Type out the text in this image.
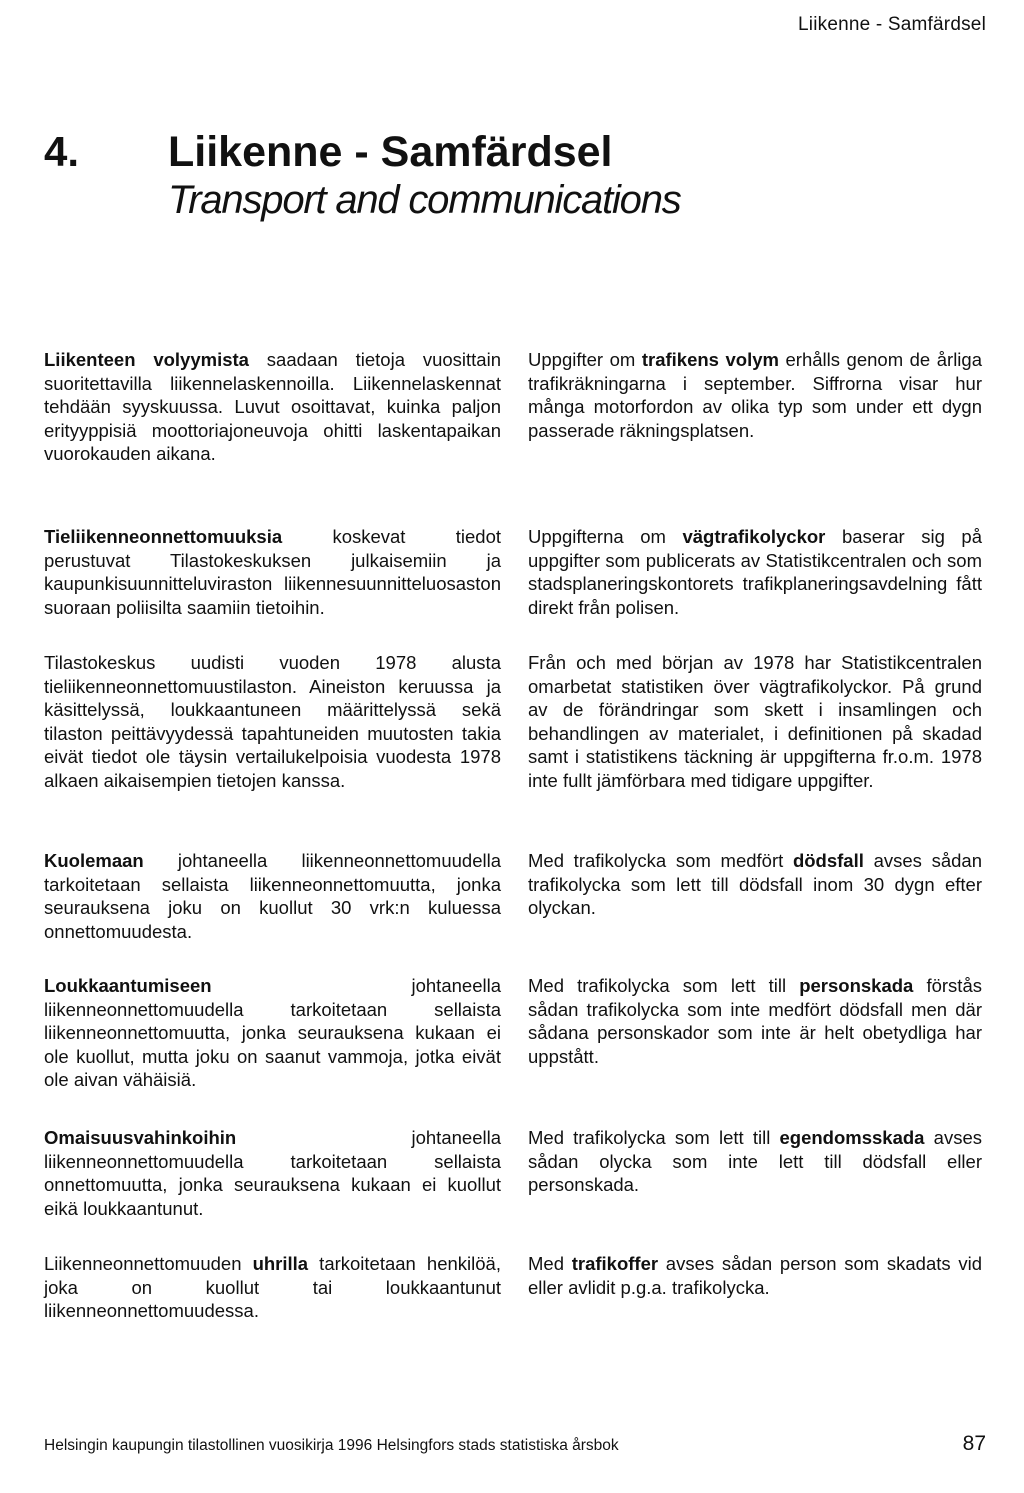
Liikenne - Samfärdsel
4. Liikenne - Samfärdsel
Transport and communications

Liikenteen volyymista saadaan tietoja vuosittain suoritettavilla liikennelaskennoilla. Liikennelaskennat tehdään syyskuussa. Luvut osoittavat, kuinka paljon erityyppisiä moottoriajoneuvoja ohitti laskentapaikan vuorokauden aikana.

Uppgifter om trafikens volym erhålls genom de årliga trafikräkningarna i september. Siffrorna visar hur många motorfordon av olika typ som under ett dygn passerade räkningsplatsen.

Tieliikenneonnettomuuksia koskevat tiedot perustuvat Tilastokeskuksen julkaisemiin ja kaupunkisuunnitteluviraston liikennesuunnitteluosaston suoraan poliisilta saamiin tietoihin.

Uppgifterna om vägtrafikolyckor baserar sig på uppgifter som publicerats av Statistikcentralen och som stadsplaneringskontorets trafikplaneringsavdelning fått direkt från polisen.

Tilastokeskus uudisti vuoden 1978 alusta tieliikenneonnettomuustilaston. Aineiston keruussa ja käsittelyssä, loukkaantuneen määrittelyssä sekä tilaston peittävyydessä tapahtuneiden muutosten takia eivät tiedot ole täysin vertailukelpoisia vuodesta 1978 alkaen aikaisempien tietojen kanssa.

Från och med början av 1978 har Statistikcentralen omarbetat statistiken över vägtrafikolyckor. På grund av de förändringar som skett i insamlingen och behandlingen av materialet, i definitionen på skadad samt i statistikens täckning är uppgifterna fr.o.m. 1978 inte fullt jämförbara med tidigare uppgifter.

Kuolemaan johtaneella liikenneonnettomuudella tarkoitetaan sellaista liikenneonnettomuutta, jonka seurauksena joku on kuollut 30 vrk:n kuluessa onnettomuudesta.

Med trafikolycka som medfört dödsfall avses sådan trafikolycka som lett till dödsfall inom 30 dygn efter olyckan.

Loukkaantumiseen johtaneella liikenneonnettomuudella tarkoitetaan sellaista liikenneonnettomuutta, jonka seurauksena kukaan ei ole kuollut, mutta joku on saanut vammoja, jotka eivät ole aivan vähäisiä.

Med trafikolycka som lett till personskada förstås sådan trafikolycka som inte medfört dödsfall men där sådana personskador som inte är helt obetydliga har uppstått.

Omaisuusvahinkoihin johtaneella liikenneonnettomuudella tarkoitetaan sellaista onnettomuutta, jonka seurauksena kukaan ei kuollut eikä loukkaantunut.

Med trafikolycka som lett till egendomsskada avses sådan olycka som inte lett till dödsfall eller personskada.

Liikenneonnettomuuden uhrilla tarkoitetaan henkilöä, joka on kuollut tai loukkaantunut liikenneonnettomuudessa.

Med trafikoffer avses sådan person som skadats vid eller avlidit p.g.a. trafikolycka.

Helsingin kaupungin tilastollinen vuosikirja 1996 Helsingfors stads statistiska årsbok	87
